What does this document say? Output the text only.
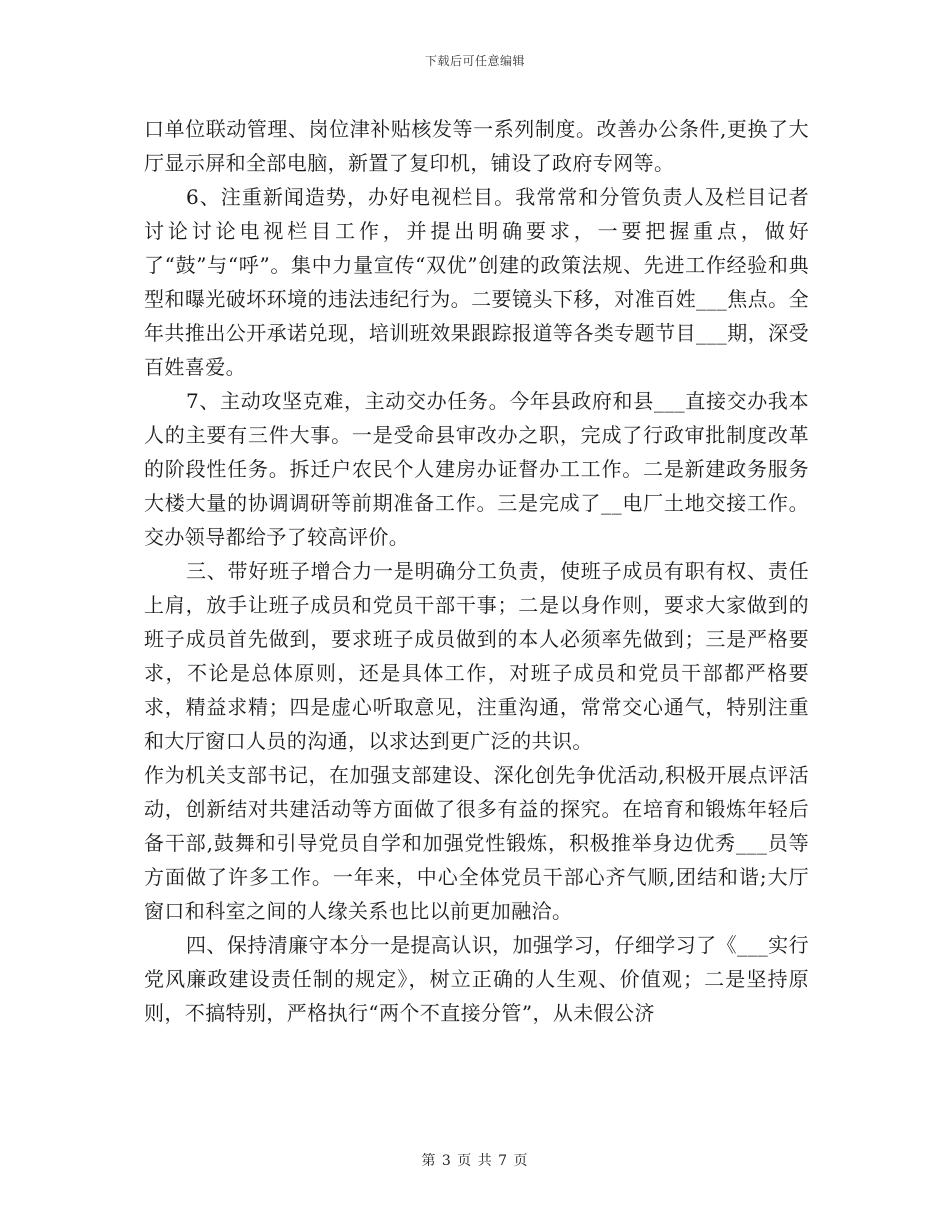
下载后可任意编辑

口单位联动管理、岗位津补贴核发等一系列制度。改善办公条件,更换了大厅显示屏和全部电脑，新置了复印机，铺设了政府专网等。

6、注重新闻造势，办好电视栏目。我常常和分管负责人及栏目记者讨论讨论电视栏目工作，并提出明确要求，一要把握重点，做好了“鼓”与“呼”。集中力量宣传“双优”创建的政策法规、先进工作经验和典型和曝光破坏环境的违法违纪行为。二要镜头下移，对准百姓___焦点。全年共推出公开承诺兑现，培训班效果跟踪报道等各类专题节目___期，深受百姓喜爱。

7、主动攻坚克难，主动交办任务。今年县政府和县___直接交办我本人的主要有三件大事。一是受命县审改办之职，完成了行政审批制度改革的阶段性任务。拆迁户农民个人建房办证督办工工作。二是新建政务服务大楼大量的协调调研等前期准备工作。三是完成了__电厂土地交接工作。交办领导都给予了较高评价。

三、带好班子增合力一是明确分工负责，使班子成员有职有权、责任上肩，放手让班子成员和党员干部干事；二是以身作则，要求大家做到的班子成员首先做到，要求班子成员做到的本人必须率先做到；三是严格要求，不论是总体原则，还是具体工作，对班子成员和党员干部都严格要求，精益求精；四是虚心听取意见，注重沟通，常常交心通气，特别注重和大厅窗口人员的沟通，以求达到更广泛的共识。

作为机关支部书记，在加强支部建设、深化创先争优活动,积极开展点评活动，创新结对共建活动等方面做了很多有益的探究。在培育和锻炼年轻后备干部,鼓舞和引导党员自学和加强党性锻炼，积极推举身边优秀___员等方面做了许多工作。一年来，中心全体党员干部心齐气顺,团结和谐;大厅窗口和科室之间的人缘关系也比以前更加融洽。

四、保持清廉守本分一是提高认识，加强学习，仔细学习了《___实行党风廉政建设责任制的规定》，树立正确的人生观、价值观；二是坚持原则，不搞特别，严格执行“两个不直接分管”，从未假公济

第 3 页 共 7 页
